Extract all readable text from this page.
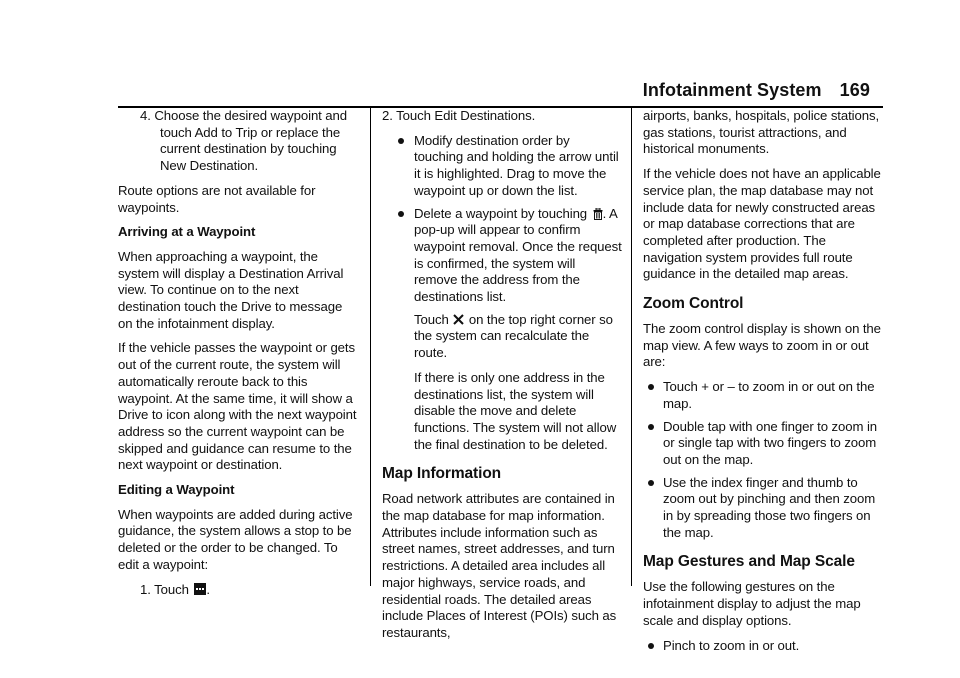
Infotainment System 169

4. Choose the desired waypoint and touch Add to Trip or replace the current destination by touching New Destination.

Route options are not available for waypoints.

Arriving at a Waypoint

When approaching a waypoint, the system will display a Destination Arrival view. To continue on to the next destination touch the Drive to message on the infotainment display.

If the vehicle passes the waypoint or gets out of the current route, the system will automatically reroute back to this waypoint. At the same time, it will show a Drive to icon along with the next waypoint address so the current waypoint can be skipped and guidance can resume to the next waypoint or destination.

Editing a Waypoint

When waypoints are added during active guidance, the system allows a stop to be deleted or the order to be changed. To edit a waypoint:

1. Touch .

2. Touch Edit Destinations.

Modify destination order by touching and holding the arrow until it is highlighted. Drag to move the waypoint up or down the list.
Delete a waypoint by touching . A pop-up will appear to confirm waypoint removal. Once the request is confirmed, the system will remove the address from the destinations list.

Touch on the top right corner so the system can recalculate the route.

If there is only one address in the destinations list, the system will disable the move and delete functions. The system will not allow the final destination to be deleted.

Map Information

Road network attributes are contained in the map database for map information. Attributes include information such as street names, street addresses, and turn restrictions. A detailed area includes all major highways, service roads, and residential roads. The detailed areas include Places of Interest (POIs) such as restaurants,

airports, banks, hospitals, police stations, gas stations, tourist attractions, and historical monuments.

If the vehicle does not have an applicable service plan, the map database may not include data for newly constructed areas or map database corrections that are completed after production. The navigation system provides full route guidance in the detailed map areas.

Zoom Control

The zoom control display is shown on the map view. A few ways to zoom in or out are:

Touch + or – to zoom in or out on the map.
Double tap with one finger to zoom in or single tap with two fingers to zoom out on the map.
Use the index finger and thumb to zoom out by pinching and then zoom in by spreading those two fingers on the map.
Map Gestures and Map Scale

Use the following gestures on the infotainment display to adjust the map scale and display options.

Pinch to zoom in or out.
